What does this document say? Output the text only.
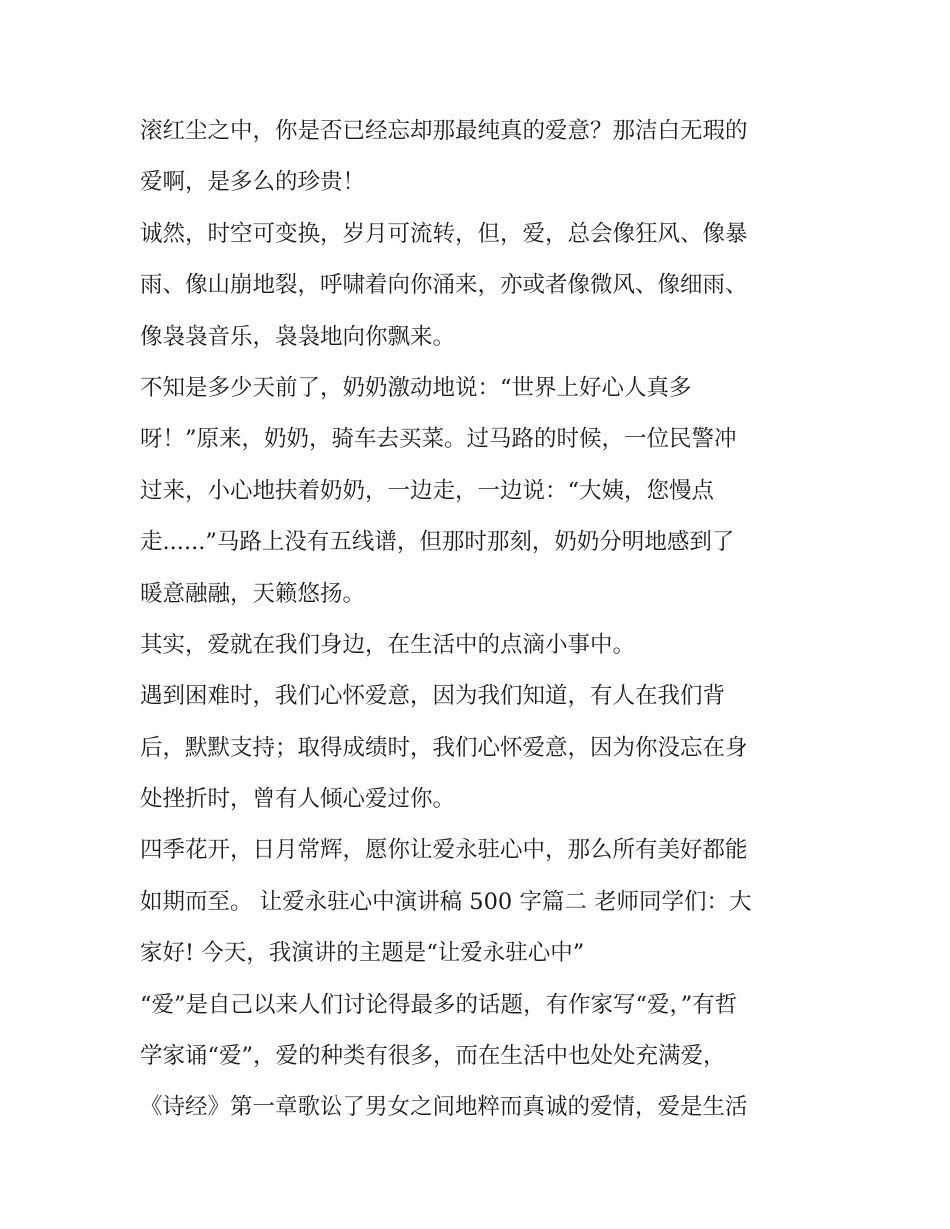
滚红尘之中，你是否已经忘却那最纯真的爱意？那洁白无瑕的
爱啊，是多么的珍贵！
诚然，时空可变换，岁月可流转，但，爱，总会像狂风、像暴
雨、像山崩地裂，呼啸着向你涌来，亦或者像微风、像细雨、
像袅袅音乐，袅袅地向你飘来。
不知是多少天前了，奶奶激动地说：“世界上好心人真多
呀！”原来，奶奶，骑车去买菜。过马路的时候，一位民警冲
过来，小心地扶着奶奶，一边走，一边说：“大姨，您慢点
走......”马路上没有五线谱，但那时那刻，奶奶分明地感到了
暖意融融，天籁悠扬。
其实，爱就在我们身边，在生活中的点滴小事中。
遇到困难时，我们心怀爱意，因为我们知道，有人在我们背
后，默默支持；取得成绩时，我们心怀爱意，因为你没忘在身
处挫折时，曾有人倾心爱过你。
四季花开，日月常辉，愿你让爱永驻心中，那么所有美好都能
如期而至。 让爱永驻心中演讲稿 500 字篇二 老师同学们：大
家好! 今天，我演讲的主题是“让爱永驻心中”
“爱”是自己以来人们讨论得最多的话题，有作家写“爱，”有哲
学家诵“爱”，爱的种类有很多，而在生活中也处处充满爱，
《诗经》第一章歌讼了男女之间地粹而真诚的爱情，爱是生活
